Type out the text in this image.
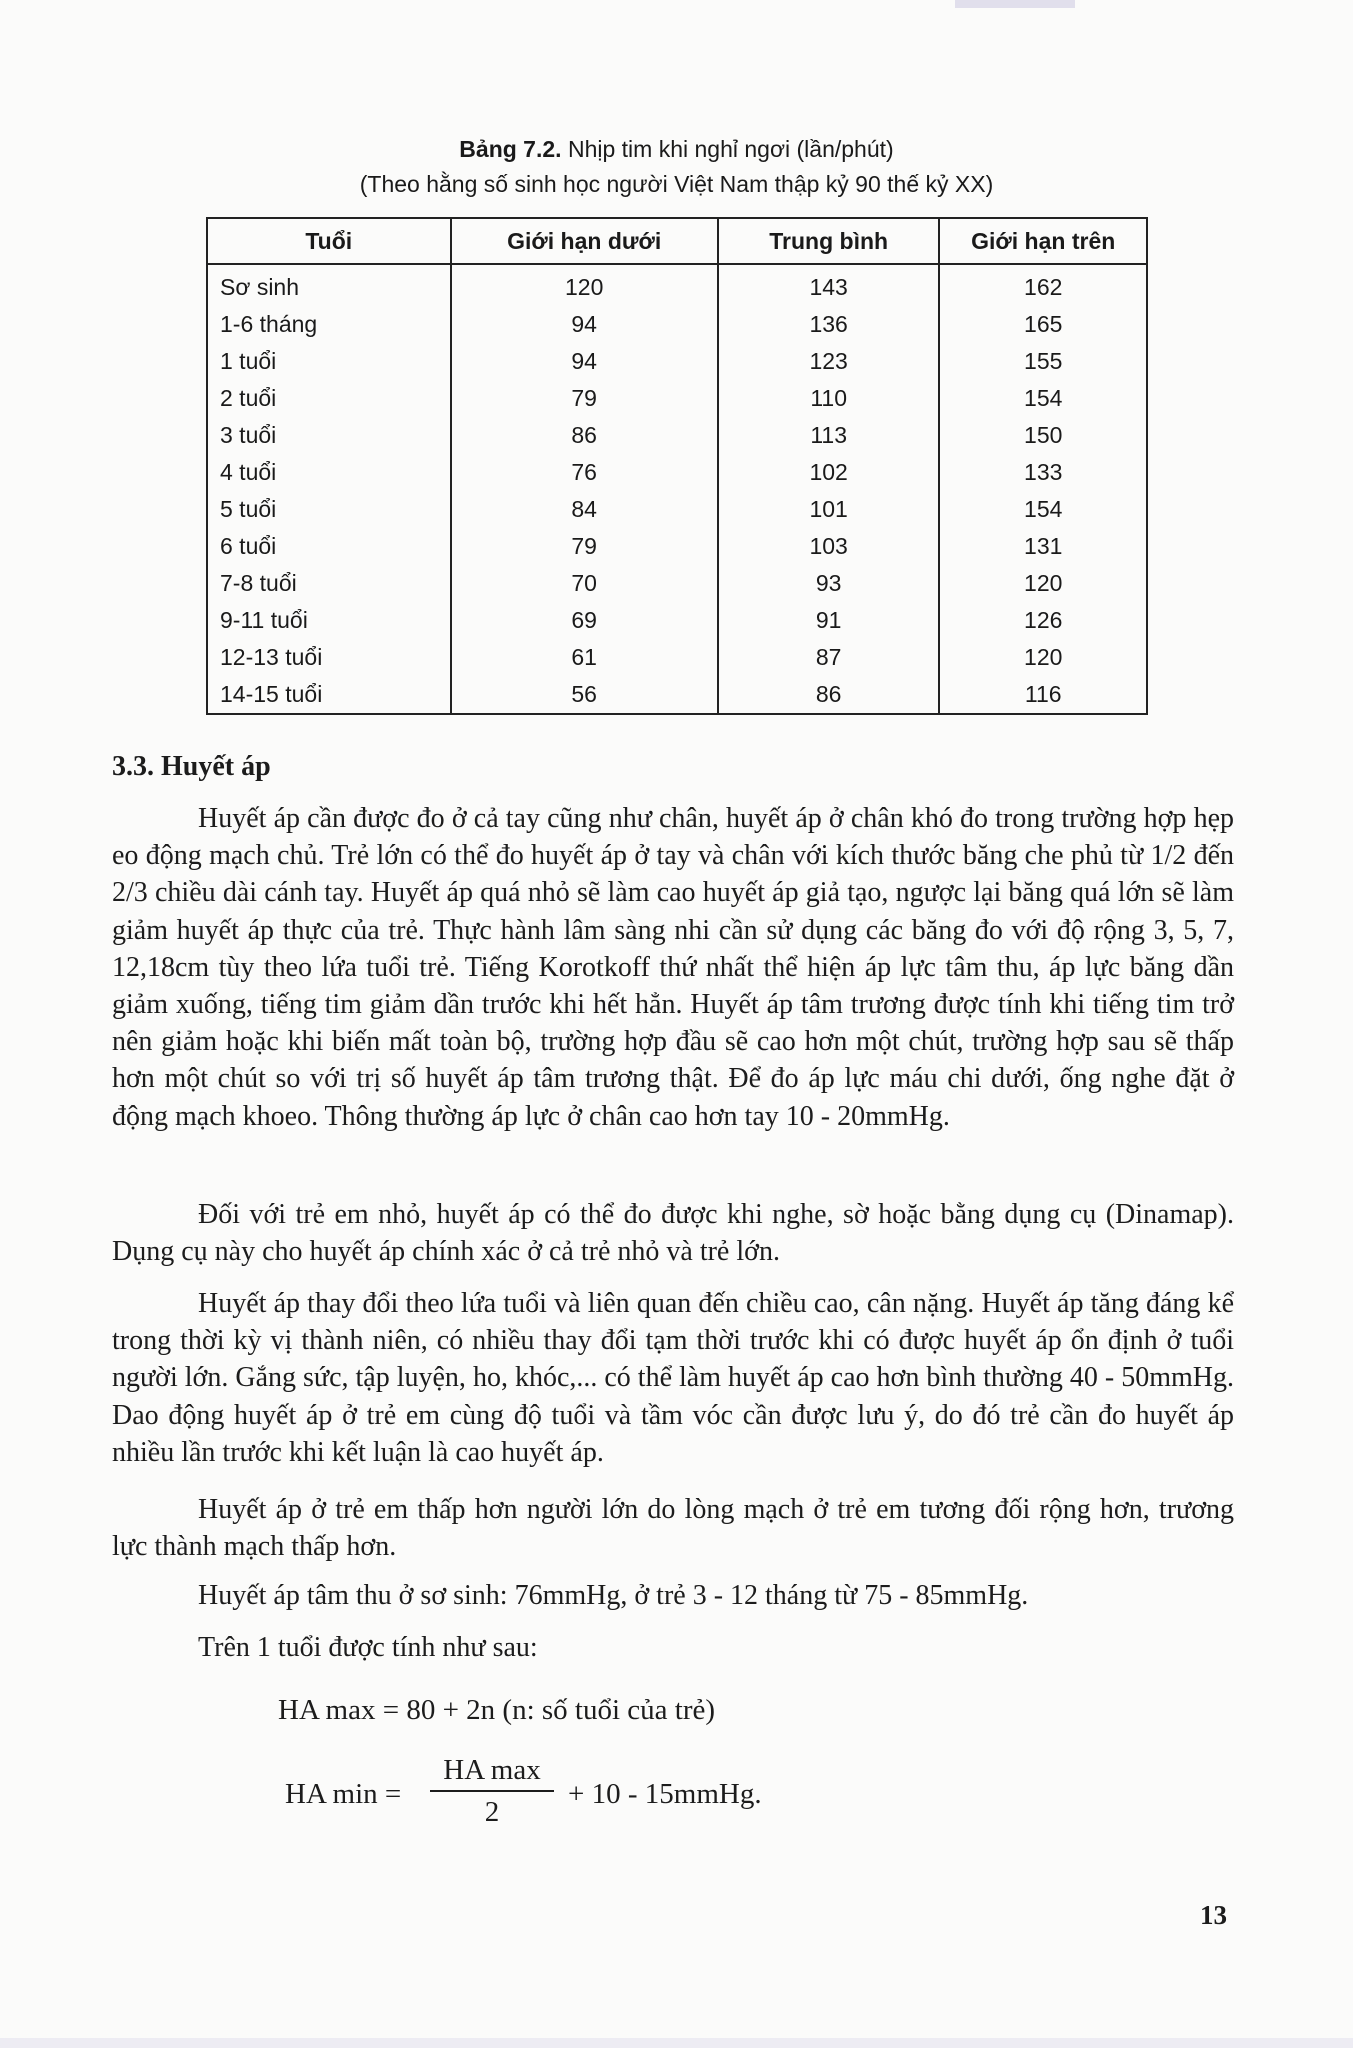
Bảng 7.2. Nhịp tim khi nghỉ ngơi (lần/phút)
(Theo hằng số sinh học người Việt Nam thập kỷ 90 thế kỷ XX)
Tuổi	Giới hạn dưới	Trung bình	Giới hạn trên
Sơ sinh	120	143	162
1-6 tháng	94	136	165
1 tuổi	94	123	155
2 tuổi	79	110	154
3 tuổi	86	113	150
4 tuổi	76	102	133
5 tuổi	84	101	154
6 tuổi	79	103	131
7-8 tuổi	70	93	120
9-11 tuổi	69	91	126
12-13 tuổi	61	87	120
14-15 tuổi	56	86	116
3.3. Huyết áp
Huyết áp cần được đo ở cả tay cũng như chân, huyết áp ở chân khó đo trong trường hợp hẹp eo động mạch chủ. Trẻ lớn có thể đo huyết áp ở tay và chân với kích thước băng che phủ từ 1/2 đến 2/3 chiều dài cánh tay. Huyết áp quá nhỏ sẽ làm cao huyết áp giả tạo, ngược lại băng quá lớn sẽ làm giảm huyết áp thực của trẻ. Thực hành lâm sàng nhi cần sử dụng các băng đo với độ rộng 3, 5, 7, 12,18cm tùy theo lứa tuổi trẻ. Tiếng Korotkoff thứ nhất thể hiện áp lực tâm thu, áp lực băng dần giảm xuống, tiếng tim giảm dần trước khi hết hẳn. Huyết áp tâm trương được tính khi tiếng tim trở nên giảm hoặc khi biến mất toàn bộ, trường hợp đầu sẽ cao hơn một chút, trường hợp sau sẽ thấp hơn một chút so với trị số huyết áp tâm trương thật. Để đo áp lực máu chi dưới, ống nghe đặt ở động mạch khoeo. Thông thường áp lực ở chân cao hơn tay 10 - 20mmHg.
Đối với trẻ em nhỏ, huyết áp có thể đo được khi nghe, sờ hoặc bằng dụng cụ (Dinamap). Dụng cụ này cho huyết áp chính xác ở cả trẻ nhỏ và trẻ lớn.
Huyết áp thay đổi theo lứa tuổi và liên quan đến chiều cao, cân nặng. Huyết áp tăng đáng kể trong thời kỳ vị thành niên, có nhiều thay đổi tạm thời trước khi có được huyết áp ổn định ở tuổi người lớn. Gắng sức, tập luyện, ho, khóc,... có thể làm huyết áp cao hơn bình thường 40 - 50mmHg. Dao động huyết áp ở trẻ em cùng độ tuổi và tầm vóc cần được lưu ý, do đó trẻ cần đo huyết áp nhiều lần trước khi kết luận là cao huyết áp.
Huyết áp ở trẻ em thấp hơn người lớn do lòng mạch ở trẻ em tương đối rộng hơn, trương lực thành mạch thấp hơn.
Huyết áp tâm thu ở sơ sinh: 76mmHg, ở trẻ 3 - 12 tháng từ 75 - 85mmHg.
Trên 1 tuổi được tính như sau:
HA max = 80 + 2n (n: số tuổi của trẻ)
HA min =
HA max
2
+ 10 - 15mmHg.
13
